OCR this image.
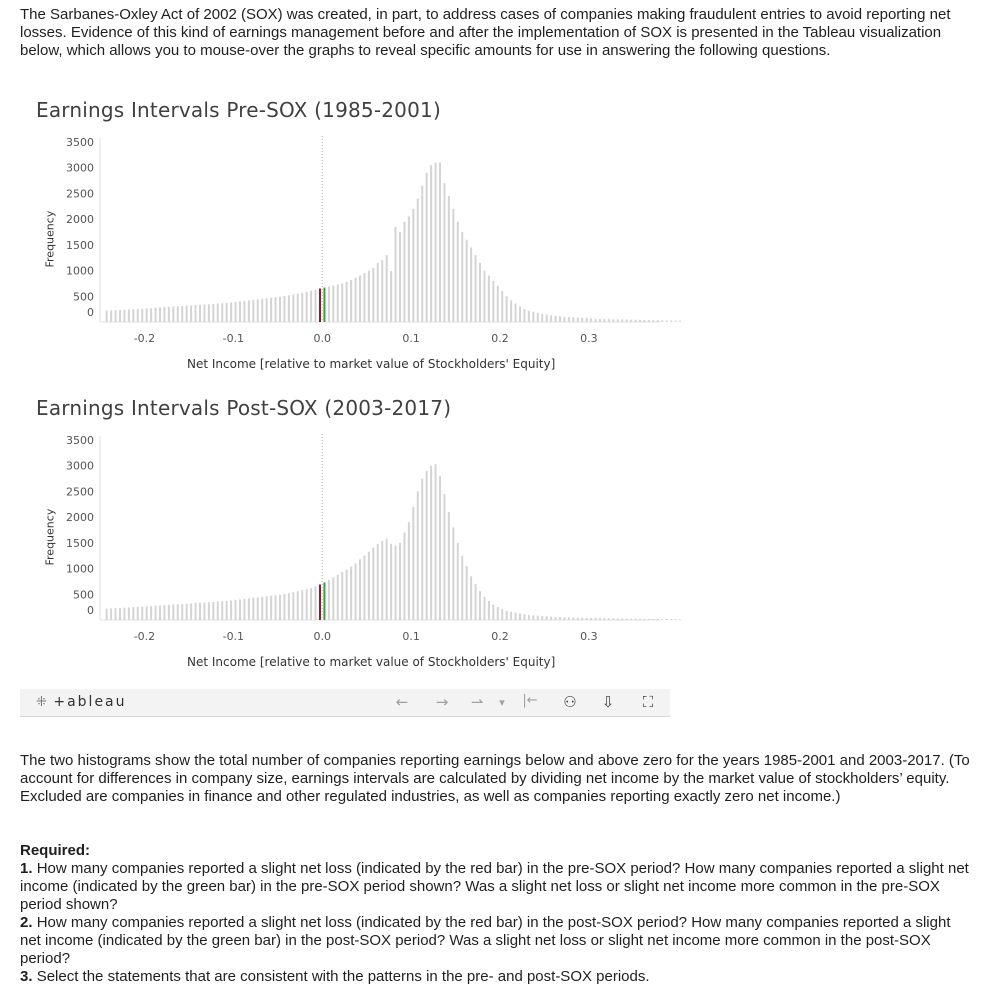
The Sarbanes-Oxley Act of 2002 (SOX) was created, in part, to address cases of companies making fraudulent entries to avoid reporting net losses. Evidence of this kind of earnings management before and after the implementation of SOX is presented in the Tableau visualization below, which allows you to mouse-over the graphs to reveal specific amounts for use in answering the following questions.
Earnings Intervals Pre-SOX (1985-2001)
Frequency
3500
3000
2500
2000
1500
1000
500
0
-0.2	-0.1	0.0	0.1	0.2	0.3
Net Income [relative to market value of Stockholders' Equity]
Earnings Intervals Post-SOX (2003-2017)
Frequency
3500
3000
2500
2000
1500
1000
500
0
-0.2	-0.1	0.0	0.1	0.2	0.3
Net Income [relative to market value of Stockholders' Equity]
⁜ +ableau	← → ⇀	▾	|← ⚇ ⇩	⛶
The two histograms show the total number of companies reporting earnings below and above zero for the years 1985-2001 and 2003-2017. (To account for differences in company size, earnings intervals are calculated by dividing net income by the market value of stockholders’ equity. Excluded are companies in finance and other regulated industries, as well as companies reporting exactly zero net income.)

Required:

1. How many companies reported a slight net loss (indicated by the red bar) in the pre-SOX period? How many companies reported a slight net income (indicated by the green bar) in the pre-SOX period shown? Was a slight net loss or slight net income more common in the pre-SOX period shown?

2. How many companies reported a slight net loss (indicated by the red bar) in the post-SOX period? How many companies reported a slight net income (indicated by the green bar) in the post-SOX period? Was a slight net loss or slight net income more common in the post-SOX period?

3. Select the statements that are consistent with the patterns in the pre- and post-SOX periods.
